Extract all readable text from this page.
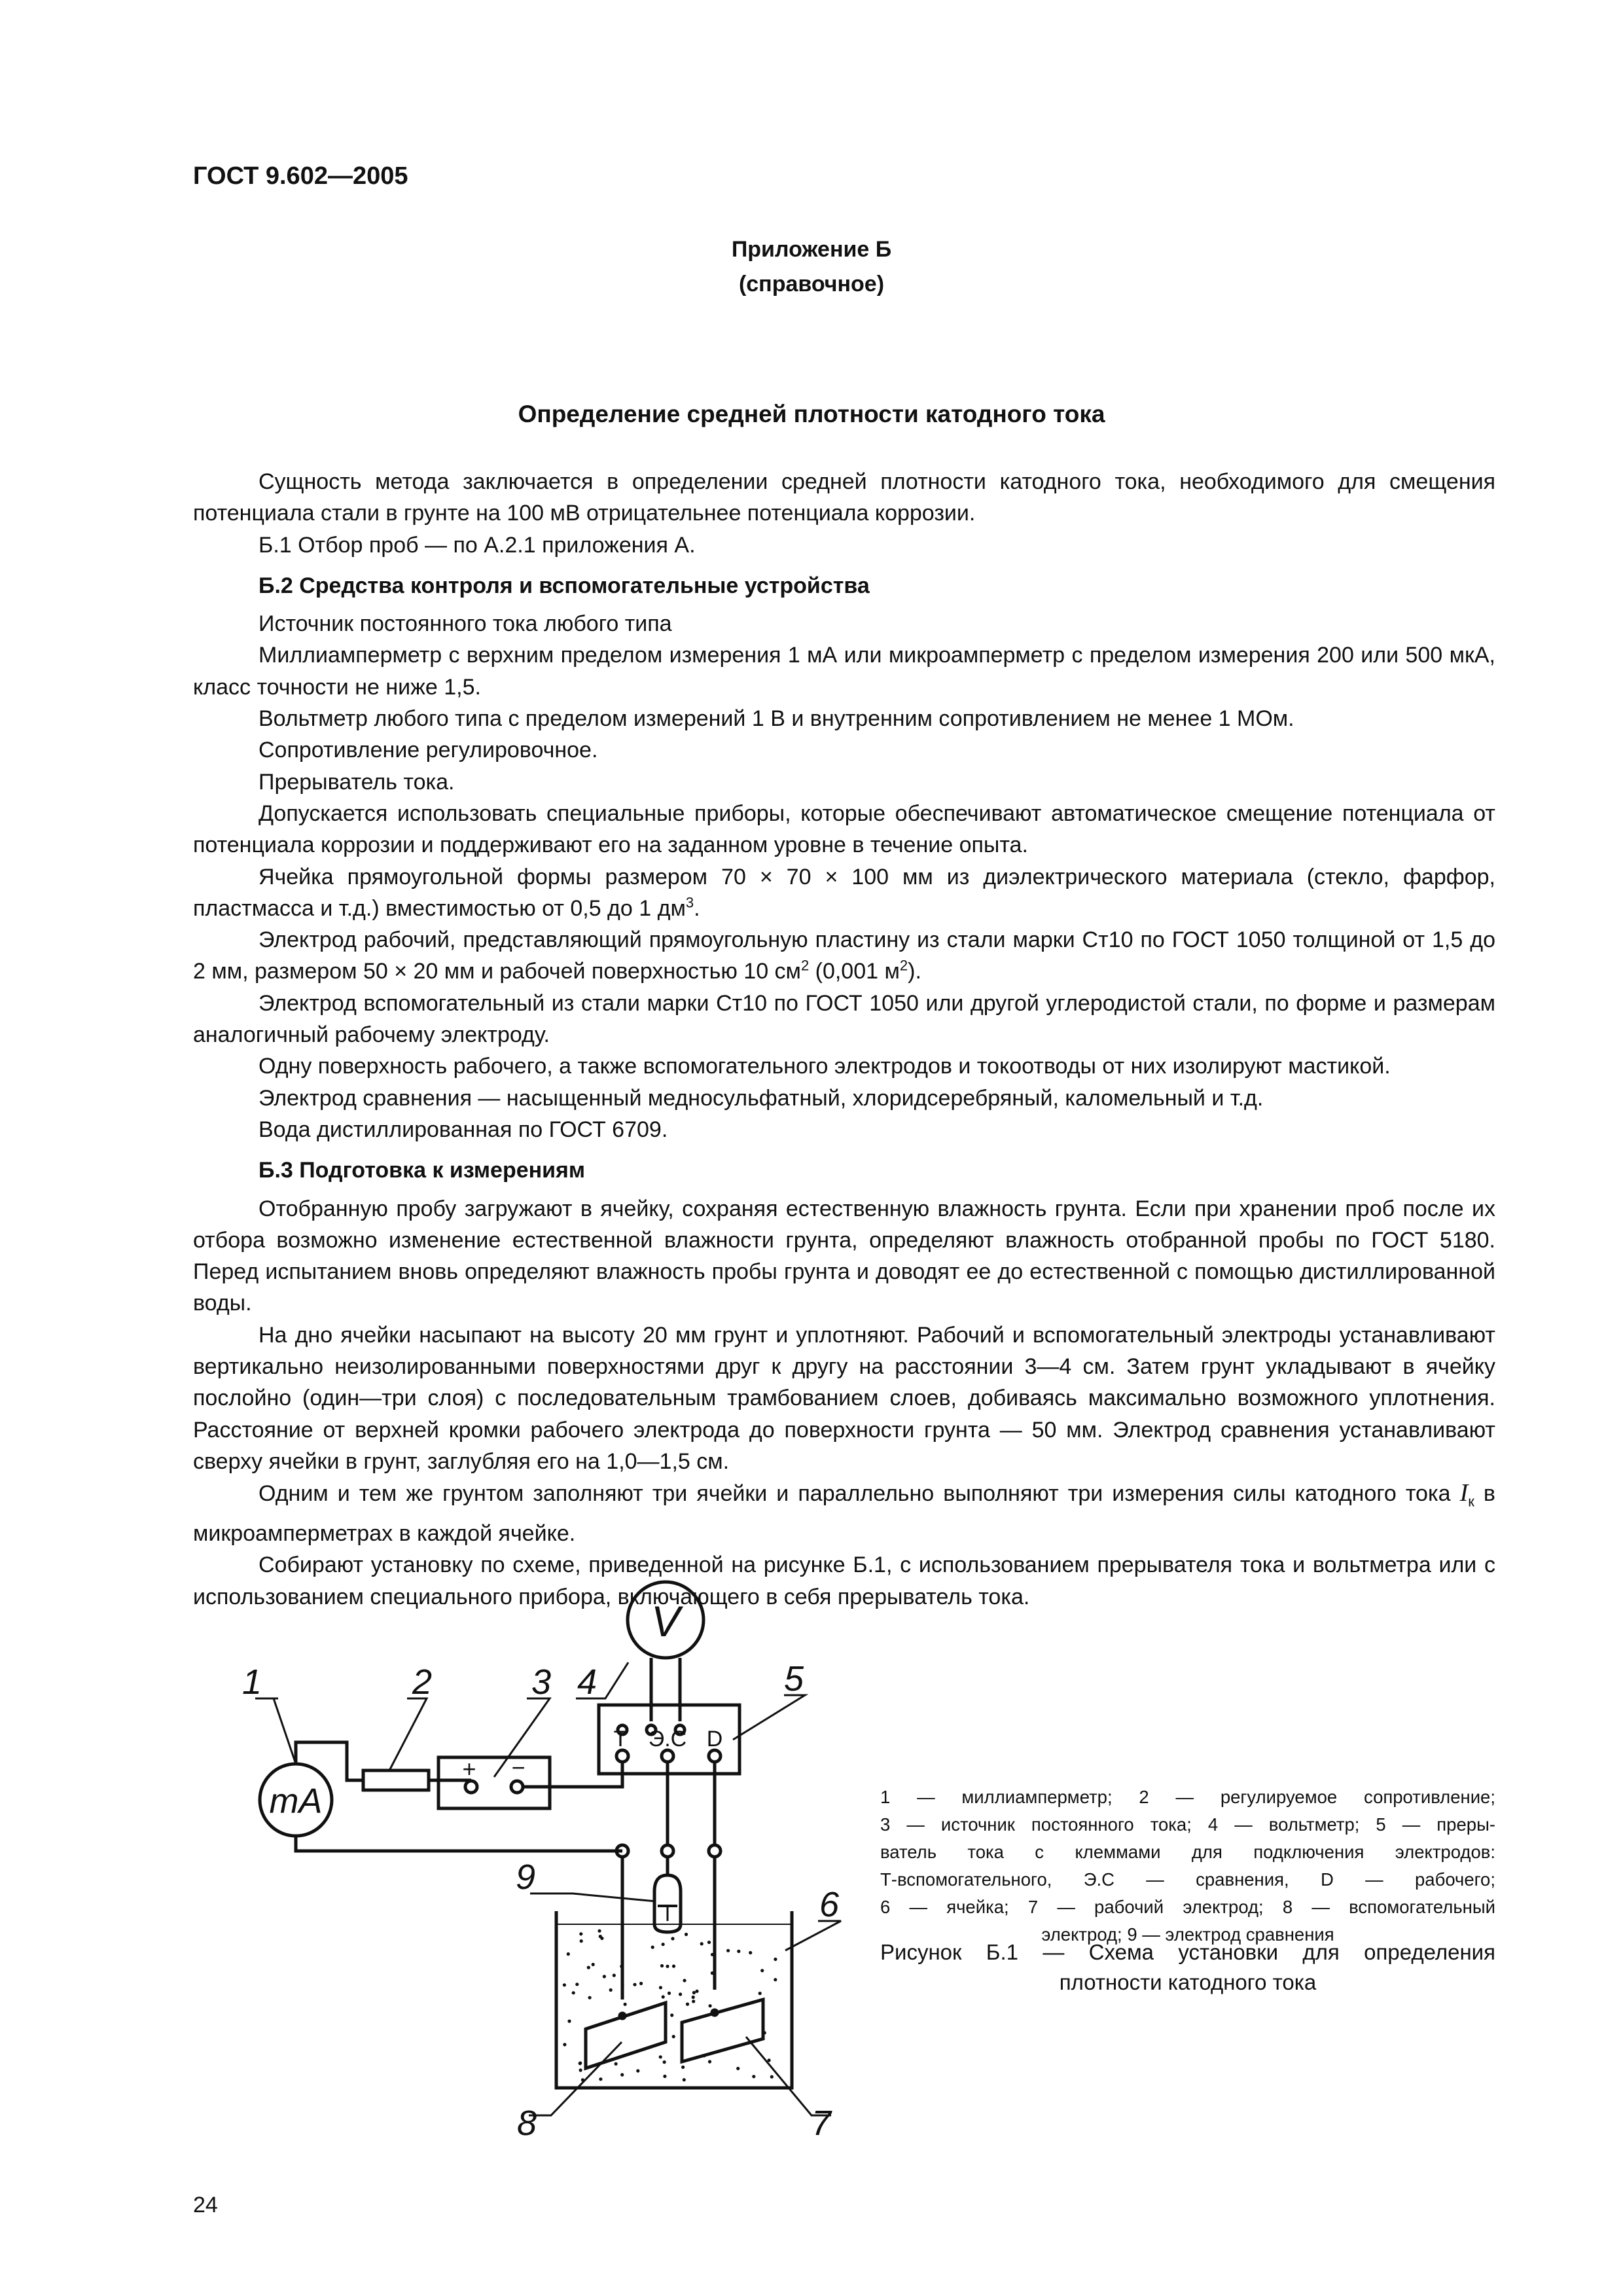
ГОСТ 9.602—2005
Приложение Б
(справочное)
Определение средней плотности катодного тока

Сущность метода заключается в определении средней плотности катодного тока, необходимого для смещения потенциала стали в грунте на 100 мВ отрицательнее потенциала коррозии.

Б.1 Отбор проб — по А.2.1 приложения А.

Б.2 Средства контроля и вспомогательные устройства

Источник постоянного тока любого типа

Миллиамперметр с верхним пределом измерения 1 мА или микроамперметр с пределом измерения 200 или 500 мкА, класс точности не ниже 1,5.

Вольтметр любого типа с пределом измерений 1 В и внутренним сопротивлением не менее 1 МОм.

Сопротивление регулировочное.

Прерыватель тока.

Допускается использовать специальные приборы, которые обеспечивают автоматическое смещение потенциала от потенциала коррозии и поддерживают его на заданном уровне в течение опыта.

Ячейка прямоугольной формы размером 70 × 70 × 100 мм из диэлектрического материала (стекло, фарфор, пластмасса и т.д.) вместимостью от 0,5 до 1 $дм^3$.

Электрод рабочий, представляющий прямоугольную пластину из стали марки Ст10 по ГОСТ 1050 толщиной от 1,5 до 2 мм, размером 50 × 20 мм и рабочей поверхностью 10 $см^2$ (0,001 $м^2$).

Электрод вспомогательный из стали марки Ст10 по ГОСТ 1050 или другой углеродистой стали, по форме и размерам аналогичный рабочему электроду.

Одну поверхность рабочего, а также вспомогательного электродов и токоотводы от них изолируют мастикой.

Электрод сравнения — насыщенный медносульфатный, хлоридсеребряный, каломельный и т.д.

Вода дистиллированная по ГОСТ 6709.

Б.3 Подготовка к измерениям

Отобранную пробу загружают в ячейку, сохраняя естественную влажность грунта. Если при хранении проб после их отбора возможно изменение естественной влажности грунта, определяют влажность отобранной пробы по ГОСТ 5180. Перед испытанием вновь определяют влажность пробы грунта и доводят ее до естественной с помощью дистиллированной воды.

На дно ячейки насыпают на высоту 20 мм грунт и уплотняют. Рабочий и вспомогательный электроды устанавливают вертикально неизолированными поверхностями друг к другу на расстоянии 3—4 см. Затем грунт укладывают в ячейку послойно (один—три слоя) с последовательным трамбованием слоев, добиваясь максимально возможного уплотнения. Расстояние от верхней кромки рабочего электрода до поверхности грунта — 50 мм. Электрод сравнения устанавливают сверху ячейки в грунт, заглубляя его на 1,0—1,5 см.

Одним и тем же грунтом заполняют три ячейки и параллельно выполняют три измерения силы катодного тока $I_к$ в микроамперметрах в каждой ячейке.

Собирают установку по схеме, приведенной на рисунке Б.1, с использованием прерывателя тока и вольтметра или с использованием специального прибора, включающего в себя прерыватель тока.

V
T Э.С D
mA
+ −
1	2	3 4	5
6
7
8
9
1 — миллиамперметр; 2 — регулируемое сопротивление;
3 — источник постоянного тока; 4 — вольтметр; 5 — преры-
ватель тока с клеммами для подключения электродов:
Т-вспомогательного, Э.С — сравнения, D — рабочего;
6 — ячейка; 7 — рабочий электрод; 8 — вспомогательный
электрод; 9 — электрод сравнения
Рисунок Б.1 — Схема установки для определения
плотности катодного тока
24
